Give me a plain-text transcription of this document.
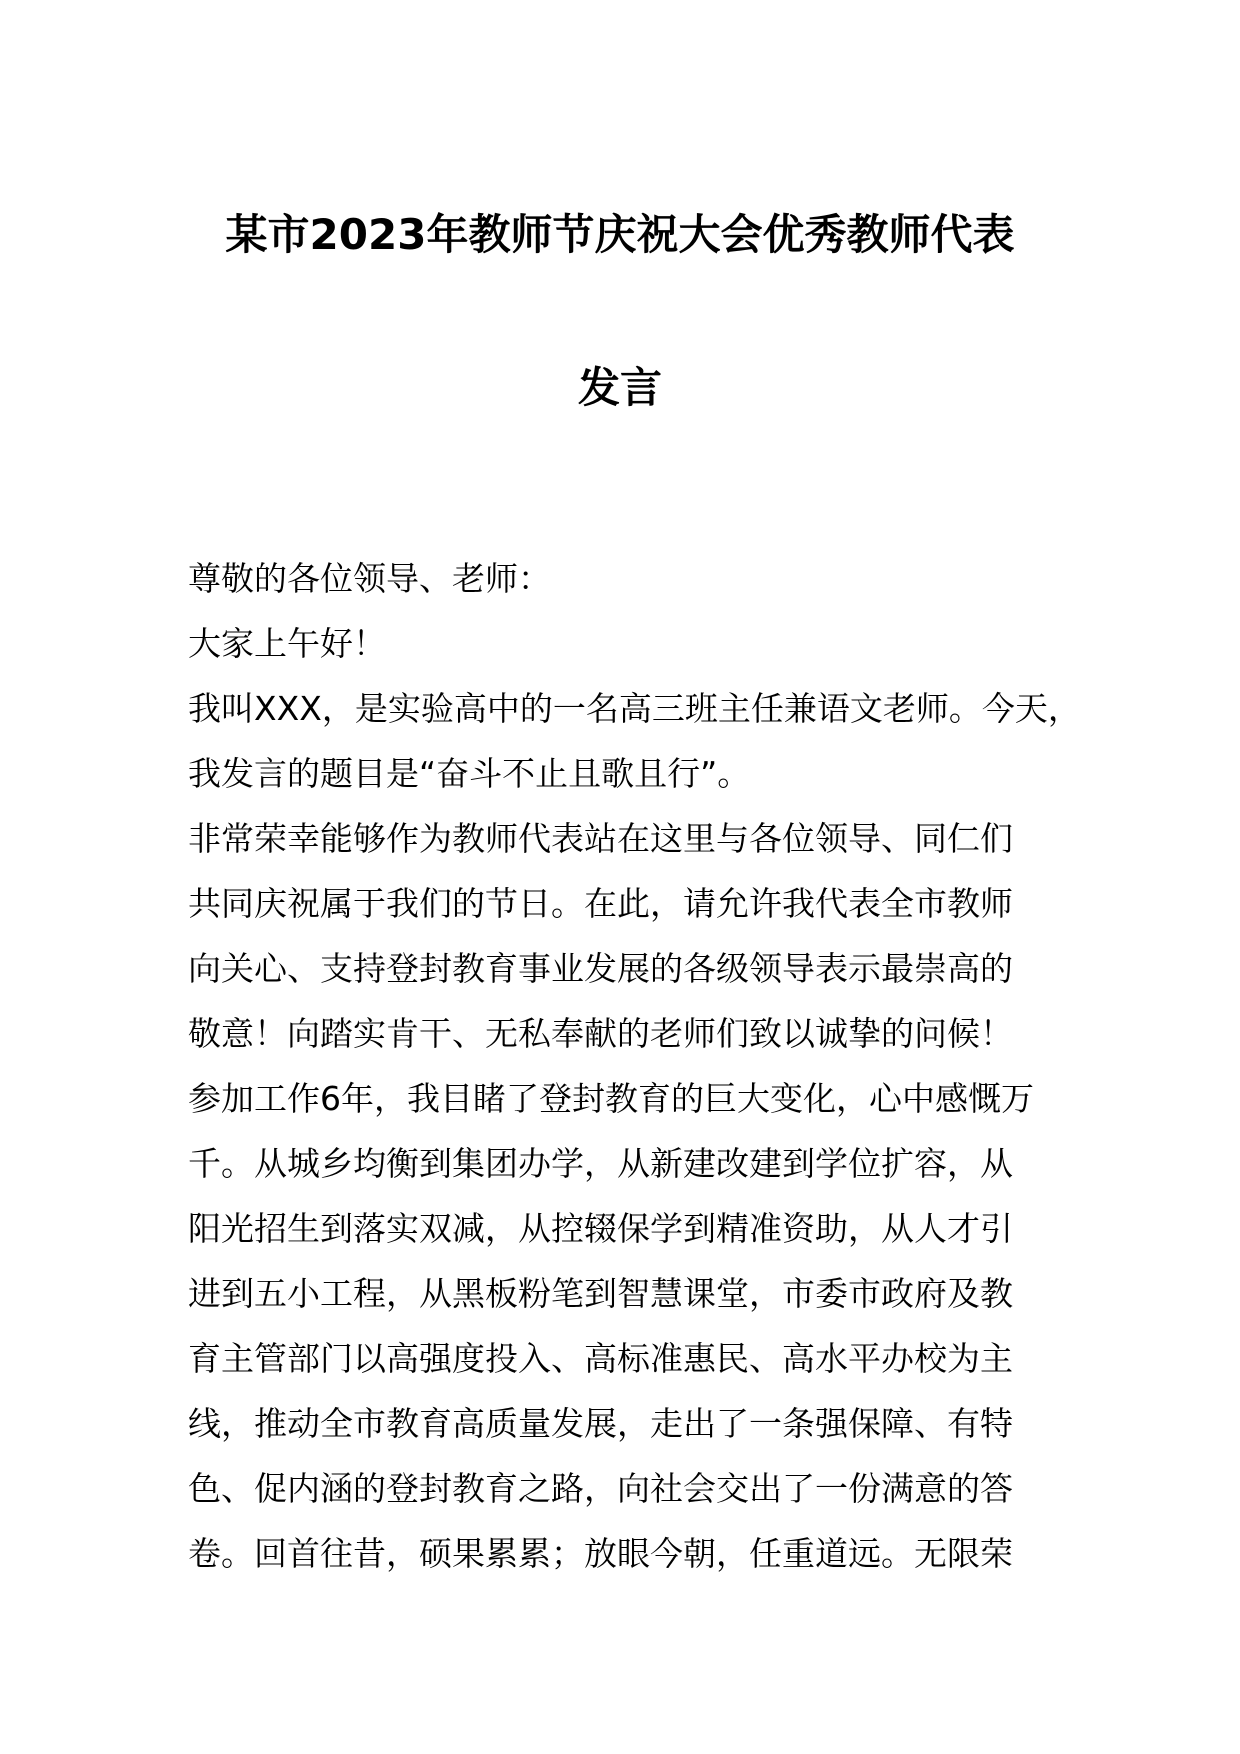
某市2023年教师节庆祝大会优秀教师代表
发言
尊敬的各位领导、老师：
大家上午好！
我叫XXX，是实验高中的一名高三班主任兼语文老师。今天，
我发言的题目是“奋斗不止且歌且行”。
非常荣幸能够作为教师代表站在这里与各位领导、同仁们
共同庆祝属于我们的节日。在此，请允许我代表全市教师
向关心、支持登封教育事业发展的各级领导表示最崇高的
敬意！向踏实肯干、无私奉献的老师们致以诚挚的问候！
参加工作6年，我目睹了登封教育的巨大变化，心中感慨万
千。从城乡均衡到集团办学，从新建改建到学位扩容，从
阳光招生到落实双减，从控辍保学到精准资助，从人才引
进到五小工程，从黑板粉笔到智慧课堂，市委市政府及教
育主管部门以高强度投入、高标准惠民、高水平办校为主
线，推动全市教育高质量发展，走出了一条强保障、有特
色、促内涵的登封教育之路，向社会交出了一份满意的答
卷。回首往昔，硕果累累；放眼今朝，任重道远。无限荣
